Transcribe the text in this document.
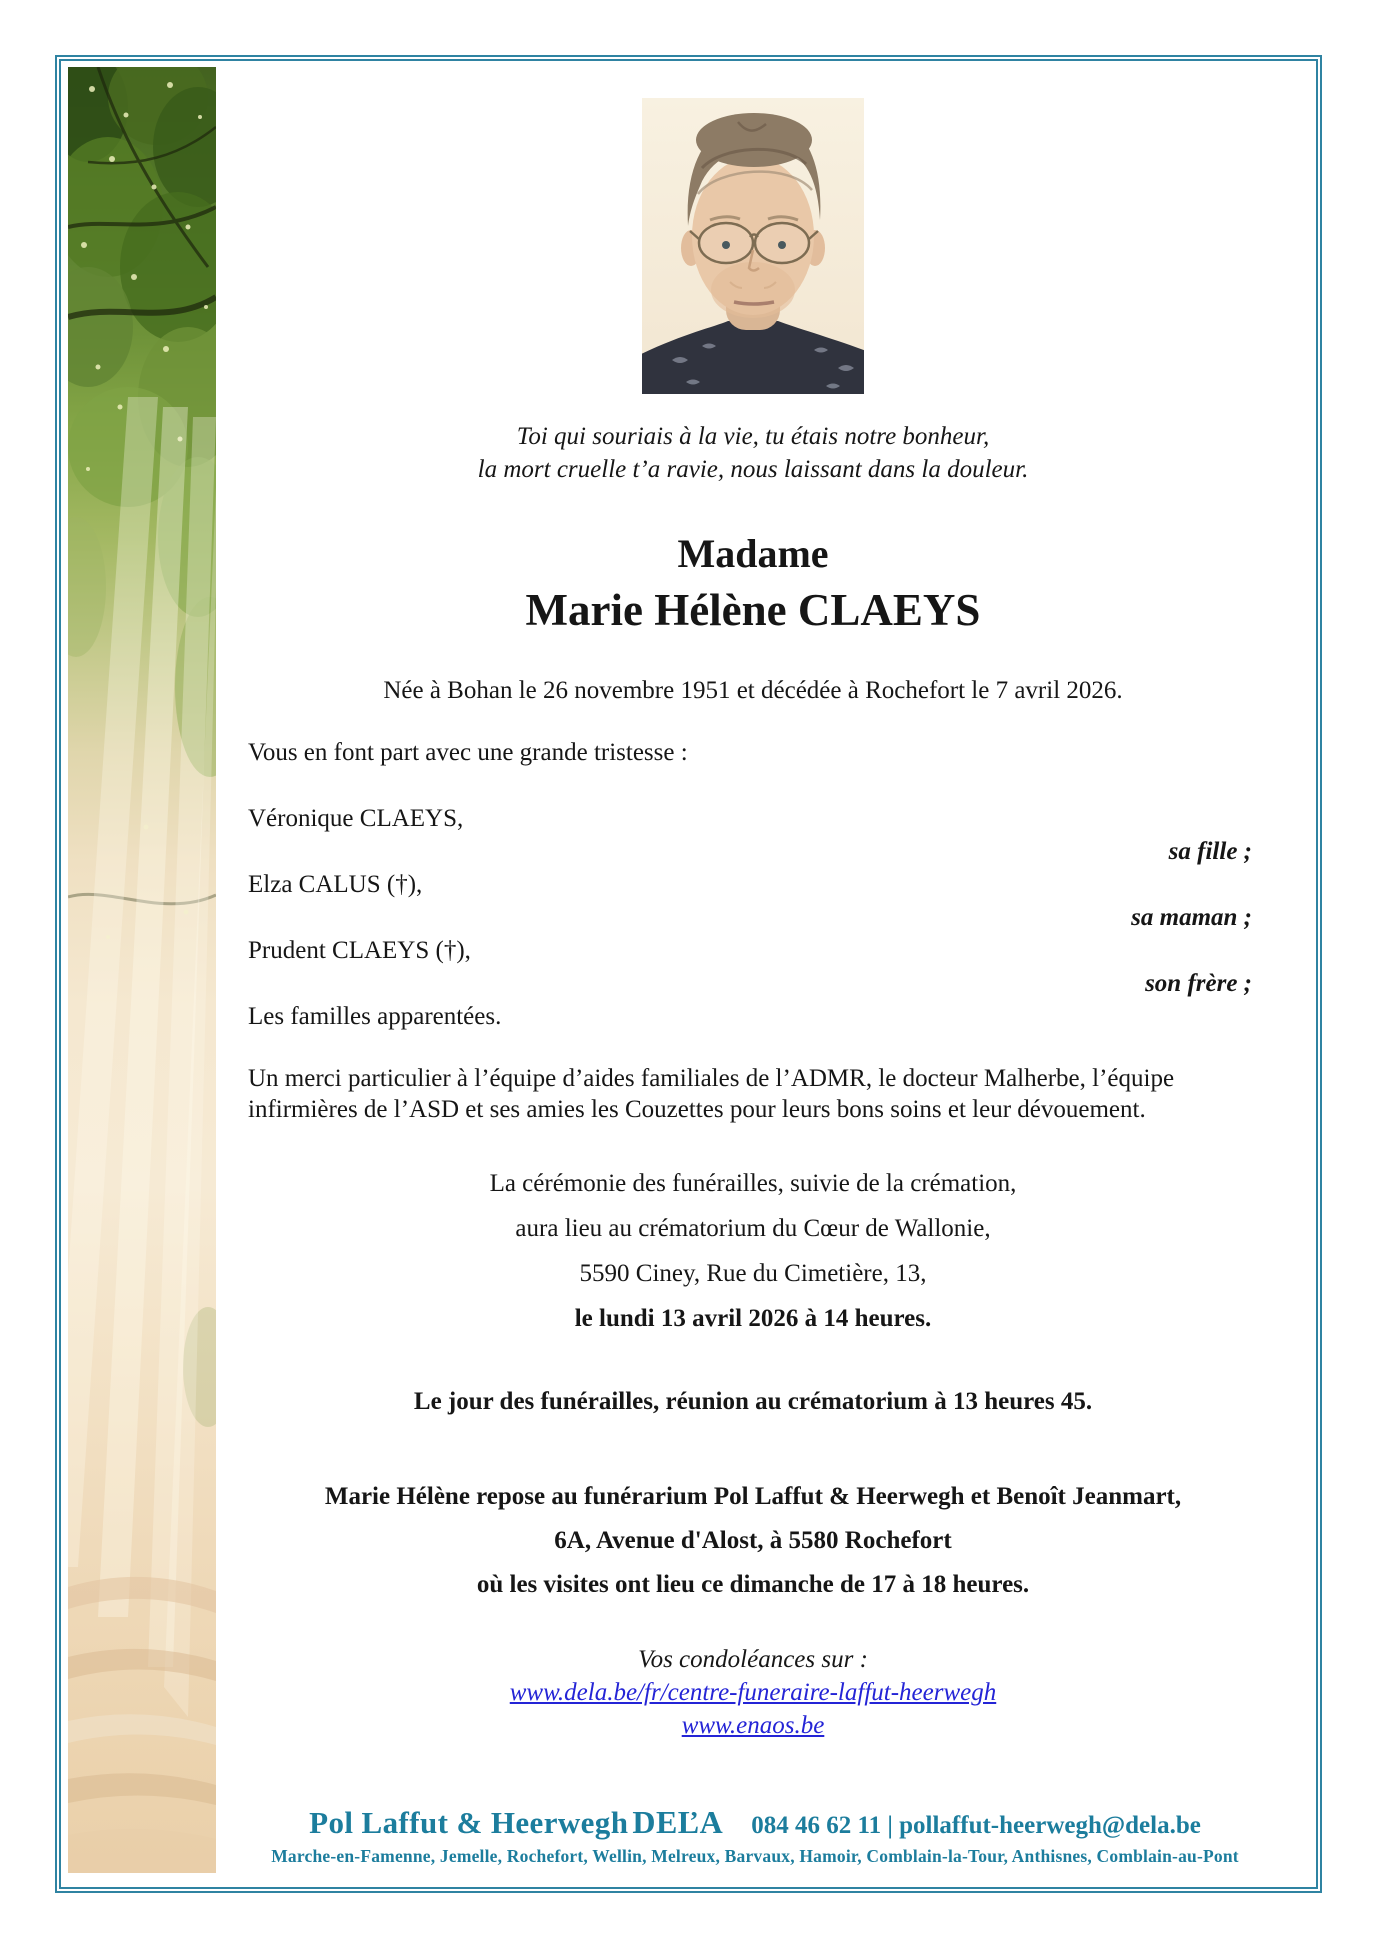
Toi qui souriais à la vie, tu étais notre bonheur,
la mort cruelle t’a ravie, nous laissant dans la douleur.
Madame
Marie Hélène CLAEYS
Née à Bohan le 26 novembre 1951 et décédée à Rochefort le 7 avril 2026.
Vous en font part avec une grande tristesse :
Véronique CLAEYS,
sa fille ;
Elza CALUS (†),
sa maman ;
Prudent CLAEYS (†),
son frère ;
Les familles apparentées.
Un merci particulier à l’équipe d’aides familiales de l’ADMR, le docteur Malherbe, l’équipe infirmières de l’ASD et ses amies les Couzettes pour leurs bons soins et leur dévouement.
La cérémonie des funérailles, suivie de la crémation,
aura lieu au crématorium du Cœur de Wallonie,
5590 Ciney, Rue du Cimetière, 13,
le lundi 13 avril 2026 à 14 heures.
Le jour des funérailles, réunion au crématorium à 13 heures 45.
Marie Hélène repose au funérarium Pol Laffut & Heerwegh et Benoît Jeanmart,
6A, Avenue d'Alost, à 5580 Rochefort
où les visites ont lieu ce dimanche de 17 à 18 heures.
Vos condoléances sur :
www.dela.be/fr/centre-funeraire-laffut-heerwegh
www.enaos.be
Pol Laffut & Heerwegh DEĽA 084 46 62 11 | pollaffut-heerwegh@dela.be
Marche-en-Famenne, Jemelle, Rochefort, Wellin, Melreux, Barvaux, Hamoir, Comblain-la-Tour, Anthisnes, Comblain-au-Pont
